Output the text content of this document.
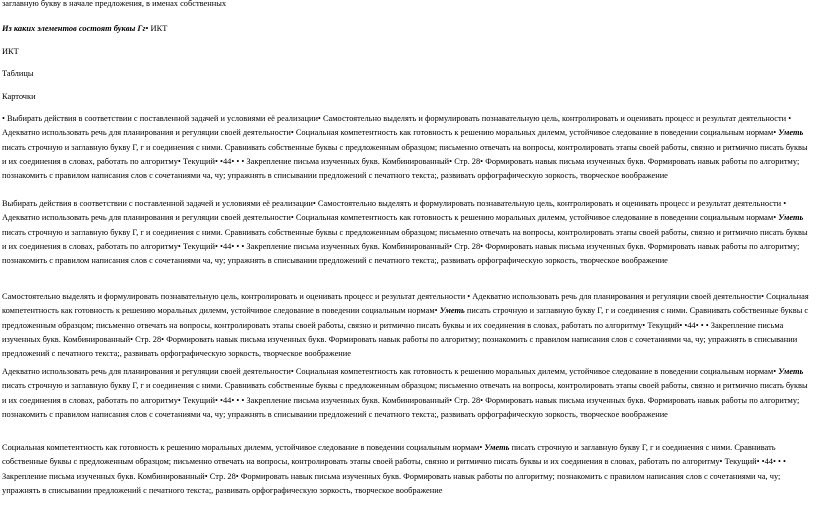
заглавную букву в начале предложения, в именах собственных

Из каких элементов состоят буквы Гг• ИКТ

ИКТ

Таблицы

Карточки

• Выбирать действия в соответствии с поставленной задачей и условиями её реализации• Самостоятельно выделять и формулировать познавательную цель, контролировать и оценивать процесс и результат деятельности • Адекватно использовать речь для планирования и регуляции своей деятельности• Социальная компетентность как готовность к решению моральных дилемм, устойчивое следование в поведении социальным нормам• Уметь писать строчную и заглавную букву Г, г и соединения с ними. Сравнивать собственные буквы с предложенным образцом; письменно отвечать на вопросы, контролировать этапы своей работы, связно и ритмично писать буквы и их соединения в словах, работать по алгоритму• Текущий• •44• • • Закрепление письма изученных букв. Комбинированный• Стр. 28• Формировать навык письма изученных букв. Формировать навык работы по алгоритму; познакомить с правилом написания слов с сочетаниями ча, чу; упражнять в списывании предложений с печатного текста;, развивать орфографическую зоркость, творческое воображение

Выбирать действия в соответствии с поставленной задачей и условиями её реализации• Самостоятельно выделять и формулировать познавательную цель, контролировать и оценивать процесс и результат деятельности • Адекватно использовать речь для планирования и регуляции своей деятельности• Социальная компетентность как готовность к решению моральных дилемм, устойчивое следование в поведении социальным нормам• Уметь писать строчную и заглавную букву Г, г и соединения с ними. Сравнивать собственные буквы с предложенным образцом; письменно отвечать на вопросы, контролировать этапы своей работы, связно и ритмично писать буквы и их соединения в словах, работать по алгоритму• Текущий• •44• • • Закрепление письма изученных букв. Комбинированный• Стр. 28• Формировать навык письма изученных букв. Формировать навык работы по алгоритму; познакомить с правилом написания слов с сочетаниями ча, чу; упражнять в списывании предложений с печатного текста;, развивать орфографическую зоркость, творческое воображение

Самостоятельно выделять и формулировать познавательную цель, контролировать и оценивать процесс и результат деятельности • Адекватно использовать речь для планирования и регуляции своей деятельности• Социальная компетентность как готовность к решению моральных дилемм, устойчивое следование в поведении социальным нормам• Уметь писать строчную и заглавную букву Г, г и соединения с ними. Сравнивать собственные буквы с предложенным образцом; письменно отвечать на вопросы, контролировать этапы своей работы, связно и ритмично писать буквы и их соединения в словах, работать по алгоритму• Текущий• •44• • • Закрепление письма изученных букв. Комбинированный• Стр. 28• Формировать навык письма изученных букв. Формировать навык работы по алгоритму; познакомить с правилом написания слов с сочетаниями ча, чу; упражнять в списывании предложений с печатного текста;, развивать орфографическую зоркость, творческое воображение

Адекватно использовать речь для планирования и регуляции своей деятельности• Социальная компетентность как готовность к решению моральных дилемм, устойчивое следование в поведении социальным нормам• Уметь писать строчную и заглавную букву Г, г и соединения с ними. Сравнивать собственные буквы с предложенным образцом; письменно отвечать на вопросы, контролировать этапы своей работы, связно и ритмично писать буквы и их соединения в словах, работать по алгоритму• Текущий• •44• • • Закрепление письма изученных букв. Комбинированный• Стр. 28• Формировать навык письма изученных букв. Формировать навык работы по алгоритму; познакомить с правилом написания слов с сочетаниями ча, чу; упражнять в списывании предложений с печатного текста;, развивать орфографическую зоркость, творческое воображение

Социальная компетентность как готовность к решению моральных дилемм, устойчивое следование в поведении социальным нормам• Уметь писать строчную и заглавную букву Г, г и соединения с ними. Сравнивать собственные буквы с предложенным образцом; письменно отвечать на вопросы, контролировать этапы своей работы, связно и ритмично писать буквы и их соединения в словах, работать по алгоритму• Текущий• •44• • • Закрепление письма изученных букв. Комбинированный• Стр. 28• Формировать навык письма изученных букв. Формировать навык работы по алгоритму; познакомить с правилом написания слов с сочетаниями ча, чу; упражнять в списывании предложений с печатного текста;, развивать орфографическую зоркость, творческое воображение
